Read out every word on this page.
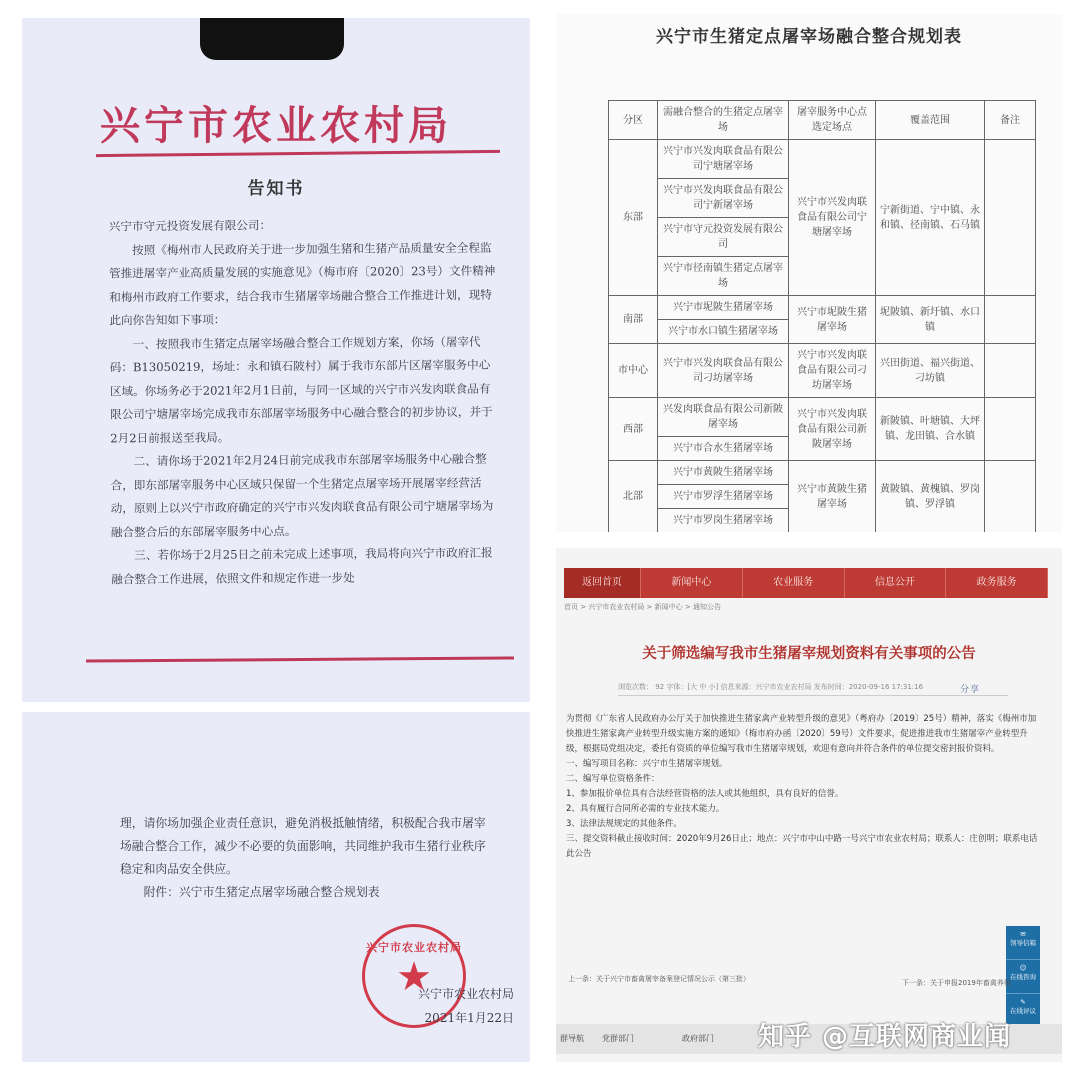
兴宁市农业农村局
告知书

兴宁市守元投资发展有限公司：

按照《梅州市人民政府关于进一步加强生猪和生猪产品质量安全全程监管推进屠宰产业高质量发展的实施意见》（梅市府〔2020〕23号）文件精神和梅州市政府工作要求，结合我市生猪屠宰场融合整合工作推进计划，现特此向你告知如下事项：

一、按照我市生猪定点屠宰场融合整合工作规划方案，你场（屠宰代码：B13050219，场址：永和镇石陂村）属于我市东部片区屠宰服务中心区域。你场务必于2021年2月1日前，与同一区域的兴宁市兴发肉联食品有限公司宁塘屠宰场完成我市东部屠宰场服务中心融合整合的初步协议，并于2月2日前报送至我局。

二、请你场于2021年2月24日前完成我市东部屠宰场服务中心融合整合，即东部屠宰服务中心区域只保留一个生猪定点屠宰场开展屠宰经营活动，原则上以兴宁市政府确定的兴宁市兴发肉联食品有限公司宁塘屠宰场为融合整合后的东部屠宰服务中心点。

三、若你场于2月25日之前未完成上述事项，我局将向兴宁市政府汇报融合整合工作进展，依照文件和规定作进一步处

理，请你场加强企业责任意识，避免消极抵触情绪，积极配合我市屠宰场融合整合工作，减少不必要的负面影响，共同维护我市生猪行业秩序稳定和肉品安全供应。

附件：兴宁市生猪定点屠宰场融合整合规划表

兴宁市农业农村局
★
兴宁市农业农村局
2021年1月22日
兴宁市生猪定点屠宰场融合整合规划表
分区	需融合整合的生猪定点屠宰场	屠宰服务中心点选定场点	覆盖范围	备注
东部	兴宁市兴发肉联食品有限公司宁塘屠宰场	兴宁市兴发肉联食品有限公司宁塘屠宰场	宁新街道、宁中镇、永和镇、径南镇、石马镇	
	兴宁市兴发肉联食品有限公司宁新屠宰场			
	兴宁市守元投资发展有限公司			
	兴宁市径南镇生猪定点屠宰场			
南部	兴宁市坭陂生猪屠宰场	兴宁市坭陂生猪屠宰场	坭陂镇、新圩镇、水口镇	
	兴宁市水口镇生猪屠宰场			
市中心	兴宁市兴发肉联食品有限公司刁坊屠宰场	兴宁市兴发肉联食品有限公司刁坊屠宰场	兴田街道、福兴街道、刁坊镇	
西部	兴发肉联食品有限公司新陂屠宰场	兴宁市兴发肉联食品有限公司新陂屠宰场	新陂镇、叶塘镇、大坪镇、龙田镇、合水镇	
	兴宁市合水生猪屠宰场			
北部	兴宁市黄陂生猪屠宰场	兴宁市黄陂生猪屠宰场	黄陂镇、黄槐镇、罗岗镇、罗浮镇	
	兴宁市罗浮生猪屠宰场			
	兴宁市罗岗生猪屠宰场			
返回首页	新闻中心	农业服务	信息公开	政务服务
首页 > 兴宁市农业农村局 > 新闻中心 > 通知公告
关于筛选编写我市生猪屠宰规划资料有关事项的公告
浏览次数： 92 字体：[大 中 小] 信息来源：兴宁市农业农村局 发布时间：2020-09-16 17:31:16	分享

为贯彻《广东省人民政府办公厅关于加快推进生猪家禽产业转型升级的意见》（粤府办〔2019〕25号）精神，落实《梅州市加快推进生猪家禽产业转型升级实施方案的通知》（梅市府办函〔2020〕59号）文件要求，促进推进我市生猪屠宰产业转型升级，根据局党组决定，委托有资质的单位编写我市生猪屠宰规划，欢迎有意向并符合条件的单位提交密封报价资料。

一、编写项目名称：兴宁市生猪屠宰规划。

二、编写单位资格条件：

1、参加报价单位具有合法经营资格的法人或其他组织，具有良好的信誉。

2、具有履行合同所必需的专业技术能力。

3、法律法规规定的其他条件。

三、提交资料截止接收时间：2020年9月26日止；地点：兴宁市中山中路一号兴宁市农业农村局；联系人：庄创明；联系电话此公告

✉
领导信箱
☺
在线咨询
✎
在线评议
上一条：关于兴宁市畜禽屠宰备案登记情况公示（第三批）	下一条：关于申报2019年畜禽养殖
群导航 党群部门	政府部门 知乎 @互联网商业闻
